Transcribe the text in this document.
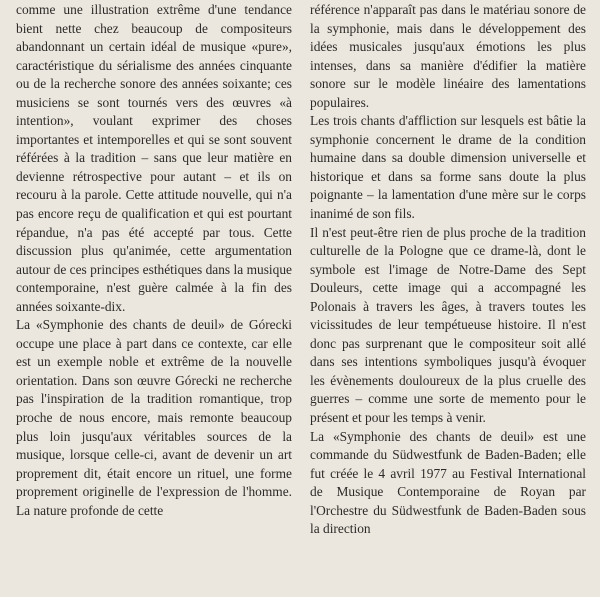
comme une illustration extrême d'une tendance bient nette chez beaucoup de compositeurs abandonnant un certain idéal de musique «pure», caractéristique du sérialisme des années cinquante ou de la recherche sonore des années soixante; ces musiciens se sont tournés vers des œuvres «à intention», voulant exprimer des choses importantes et intemporelles et qui se sont souvent référées à la tradition – sans que leur matière en devienne rétrospective pour autant – et ils on recouru à la parole. Cette attitude nouvelle, qui n'a pas encore reçu de qualification et qui est pourtant répandue, n'a pas été accepté par tous. Cette discussion plus qu'animée, cette argumentation autour de ces principes esthétiques dans la musique contemporaine, n'est guère calmée à la fin des années soixante-dix.

La «Symphonie des chants de deuil» de Górecki occupe une place à part dans ce contexte, car elle est un exemple noble et extrême de la nouvelle orientation. Dans son œuvre Górecki ne recherche pas l'inspiration de la tradition romantique, trop proche de nous encore, mais remonte beaucoup plus loin jusqu'aux véritables sources de la musique, lorsque celle-ci, avant de devenir un art proprement dit, était encore un rituel, une forme proprement originelle de l'expression de l'homme. La nature profonde de cette

référence n'apparaît pas dans le matériau sonore de la symphonie, mais dans le développement des idées musicales jusqu'aux émotions les plus intenses, dans sa manière d'édifier la matière sonore sur le modèle linéaire des lamentations populaires.

Les trois chants d'affliction sur lesquels est bâtie la symphonie concernent le drame de la condition humaine dans sa double dimension universelle et historique et dans sa forme sans doute la plus poignante – la lamentation d'une mère sur le corps inanimé de son fils.

Il n'est peut-être rien de plus proche de la tradition culturelle de la Pologne que ce drame-là, dont le symbole est l'image de Notre-Dame des Sept Douleurs, cette image qui a accompagné les Polonais à travers les âges, à travers toutes les vicissitudes de leur tempétueuse histoire. Il n'est donc pas surprenant que le compositeur soit allé dans ses intentions symboliques jusqu'à évoquer les évènements douloureux de la plus cruelle des guerres – comme une sorte de memento pour le présent et pour les temps à venir.

La «Symphonie des chants de deuil» est une commande du Südwestfunk de Baden-Baden; elle fut créée le 4 avril 1977 au Festival International de Musique Contemporaine de Royan par l'Orchestre du Südwestfunk de Baden-Baden sous la direction
